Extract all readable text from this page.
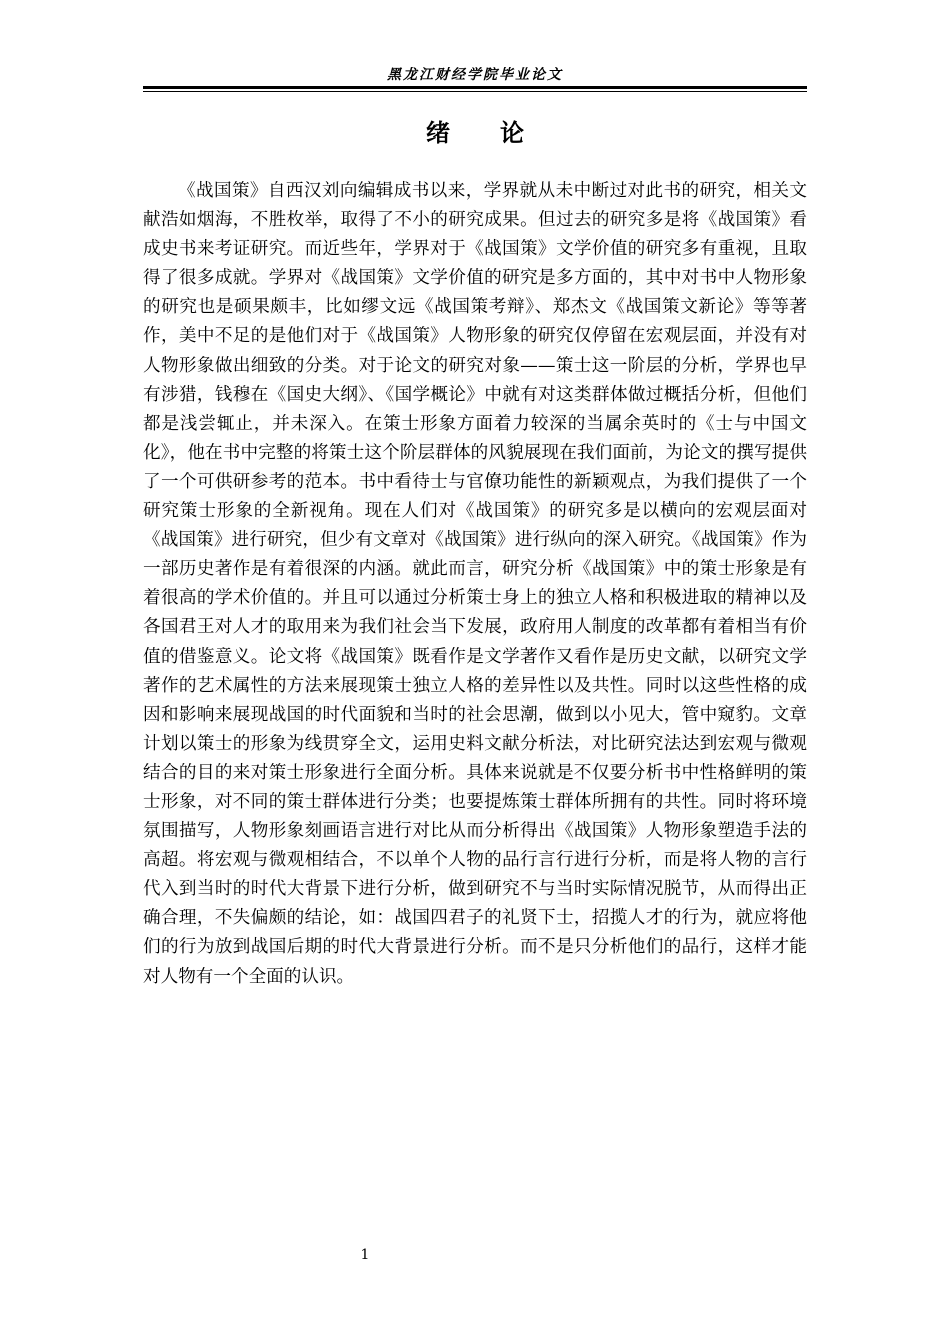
黑龙江财经学院毕业论文
绪论

《战国策》自西汉刘向编辑成书以来，学界就从未中断过对此书的研究，相关文献浩如烟海，不胜枚举，取得了不小的研究成果。但过去的研究多是将《战国策》看成史书来考证研究。而近些年，学界对于《战国策》文学价值的研究多有重视，且取得了很多成就。学界对《战国策》文学价值的研究是多方面的，其中对书中人物形象的研究也是硕果颇丰，比如缪文远《战国策考辩》、郑杰文《战国策文新论》等等著作，美中不足的是他们对于《战国策》人物形象的研究仅停留在宏观层面，并没有对人物形象做出细致的分类。对于论文的研究对象——策士这一阶层的分析，学界也早有涉猎，钱穆在《国史大纲》、《国学概论》中就有对这类群体做过概括分析，但他们都是浅尝辄止，并未深入。在策士形象方面着力较深的当属余英时的《士与中国文化》，他在书中完整的将策士这个阶层群体的风貌展现在我们面前，为论文的撰写提供了一个可供研参考的范本。书中看待士与官僚功能性的新颖观点，为我们提供了一个研究策士形象的全新视角。现在人们对《战国策》的研究多是以横向的宏观层面对《战国策》进行研究，但少有文章对《战国策》进行纵向的深入研究。《战国策》作为一部历史著作是有着很深的内涵。就此而言，研究分析《战国策》中的策士形象是有着很高的学术价值的。并且可以通过分析策士身上的独立人格和积极进取的精神以及各国君王对人才的取用来为我们社会当下发展，政府用人制度的改革都有着相当有价值的借鉴意义。论文将《战国策》既看作是文学著作又看作是历史文献，以研究文学著作的艺术属性的方法来展现策士独立人格的差异性以及共性。同时以这些性格的成因和影响来展现战国的时代面貌和当时的社会思潮，做到以小见大，管中窥豹。文章计划以策士的形象为线贯穿全文，运用史料文献分析法，对比研究法达到宏观与微观结合的目的来对策士形象进行全面分析。具体来说就是不仅要分析书中性格鲜明的策士形象，对不同的策士群体进行分类；也要提炼策士群体所拥有的共性。同时将环境氛围描写，人物形象刻画语言进行对比从而分析得出《战国策》人物形象塑造手法的高超。将宏观与微观相结合，不以单个人物的品行言行进行分析，而是将人物的言行代入到当时的时代大背景下进行分析，做到研究不与当时实际情况脱节，从而得出正确合理，不失偏颇的结论，如：战国四君子的礼贤下士，招揽人才的行为，就应将他们的行为放到战国后期的时代大背景进行分析。而不是只分析他们的品行，这样才能对人物有一个全面的认识。

1
